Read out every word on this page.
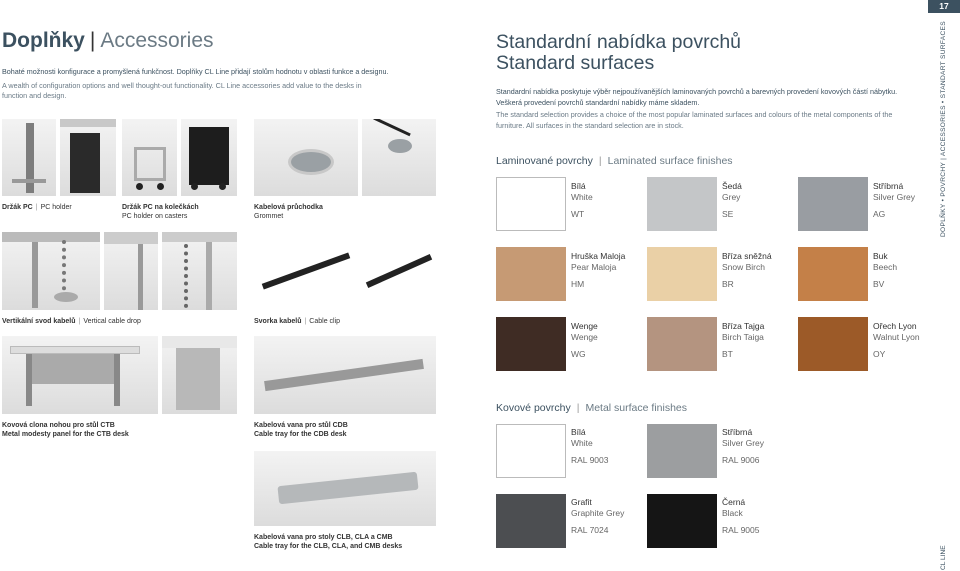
Doplňky | Accessories
Bohaté možnosti konfigurace a promyšlená funkčnost. Doplňky CL Line přidají stolům hodnotu v oblasti funkce a designu.
A wealth of configuration options and well thought-out functionality. CL Line accessories add value to the desks in function and design.
Držák PC | PC holder	Držák PC na kolečkách
PC holder on casters
Kabelová průchodka
Grommet
Vertikální svod kabelů | Vertical cable drop	Svorka kabelů | Cable clip
Kovová clona nohou pro stůl CTB
Metal modesty panel for the CTB desk
Kabelová vana pro stůl CDB
Cable tray for the CDB desk
Kabelová vana pro stoly CLB, CLA a CMB
Cable tray for the CLB, CLA, and CMB desks
Standardní nabídka povrchů
Standard surfaces
Standardní nabídka poskytuje výběr nejpoužívanějších laminovaných povrchů a barevných provedení kovových částí nábytku. Veškerá provedení povrchů standardní nabídky máme skladem.
The standard selection provides a choice of the most popular laminated surfaces and colours of the metal components of the furniture. All surfaces in the standard selection are in stock.
Laminované povrchy | Laminated surface finishes
Bílá
White
WT
Šedá
Grey
SE
Stříbrná
Silver Grey
AG
Hruška Maloja
Pear Maloja
HM
Bříza sněžná
Snow Birch
BR
Buk
Beech
BV
Wenge
Wenge
WG
Bříza Tajga
Birch Taiga
BT
Ořech Lyon
Walnut Lyon
OY
Kovové povrchy | Metal surface finishes
Bílá
White
RAL 9003
Stříbrná
Silver Grey
RAL 9006
Grafit
Graphite Grey
RAL 7024
Černá
Black
RAL 9005
17
DOPLŇKY • POVRCHY | ACCESSORIES • STANDART SURFACES
CL LINE
